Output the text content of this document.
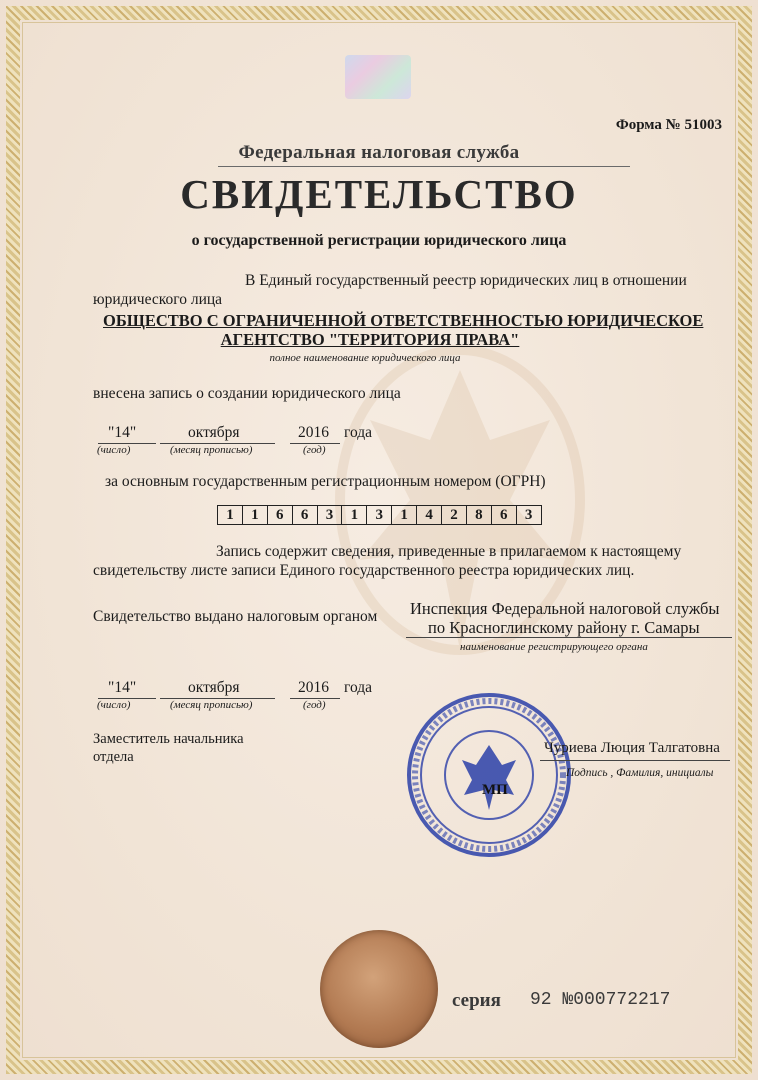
Форма № 51003
Федеральная налоговая служба
СВИДЕТЕЛЬСТВО
о государственной регистрации юридического лица
В Единый государственный реестр юридических лиц в отношении
юридического лица
ОБЩЕСТВО С ОГРАНИЧЕННОЙ ОТВЕТСТВЕННОСТЬЮ ЮРИДИЧЕСКОЕ
АГЕНТСТВО "ТЕРРИТОРИЯ ПРАВА"
полное наименование юридического лица
внесена запись о создании юридического лица
"14"	октября	2016 года
(число)	(месяц прописью)	(год)
за основным государственным регистрационным номером (ОГРН)
1	1	6	6	3	1	3	1	4	2	8	6	3
Запись содержит сведения, приведенные в прилагаемом к настоящему
свидетельству листе записи Единого государственного реестра юридических лиц.
Свидетельство выдано налоговым органом Инспекция Федеральной налоговой службы
по Красноглинскому району г. Самары
наименование регистрирующего органа
"14"	октября	2016 года
(число)	(месяц прописью)	(год)
Заместитель начальника
отдела
МП
Чуриева Люция Талгатовна
Подпись , Фамилия, инициалы
серия 92 №000772217
